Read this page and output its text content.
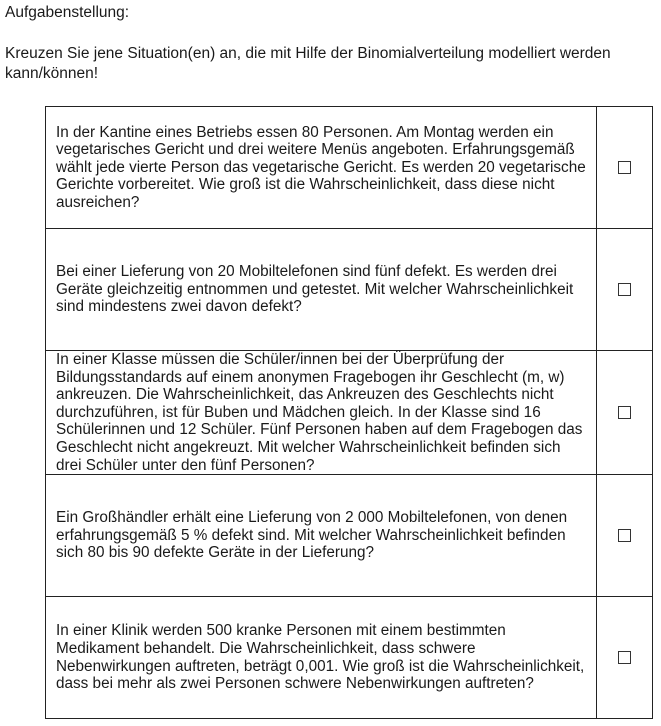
Aufgabenstellung:

Kreuzen Sie jene Situation(en) an, die mit Hilfe der Binomialverteilung modelliert werden kann/können!

In der Kantine eines Betriebs essen 80 Personen. Am Montag werden ein vegetarisches Gericht und drei weitere Menüs angeboten. Erfahrungsgemäß wählt jede vierte Person das vegetarische Gericht. Es werden 20 vegetarische Gerichte vorbereitet. Wie groß ist die Wahrscheinlichkeit, dass diese nicht ausreichen?	
Bei einer Lieferung von 20 Mobiltelefonen sind fünf defekt. Es werden drei Geräte gleichzeitig entnommen und getestet. Mit welcher Wahrscheinlichkeit sind mindestens zwei davon defekt?	
In einer Klasse müssen die Schüler/innen bei der Überprüfung der Bildungsstandards auf einem anonymen Fragebogen ihr Geschlecht (m, w) ankreuzen. Die Wahrscheinlichkeit, das Ankreuzen des Geschlechts nicht durchzuführen, ist für Buben und Mädchen gleich. In der Klasse sind 16 Schülerinnen und 12 Schüler. Fünf Personen haben auf dem Fragebogen das Geschlecht nicht angekreuzt. Mit welcher Wahrscheinlichkeit befinden sich drei Schüler unter den fünf Personen?	
Ein Großhändler erhält eine Lieferung von 2 000 Mobiltelefonen, von denen erfahrungsgemäß 5 % defekt sind. Mit welcher Wahrscheinlichkeit befinden sich 80 bis 90 defekte Geräte in der Lieferung?	
In einer Klinik werden 500 kranke Personen mit einem bestimmten Medikament behandelt. Die Wahrscheinlichkeit, dass schwere Nebenwirkungen auftreten, beträgt 0,001. Wie groß ist die Wahrscheinlichkeit, dass bei mehr als zwei Personen schwere Nebenwirkungen auftreten?	
